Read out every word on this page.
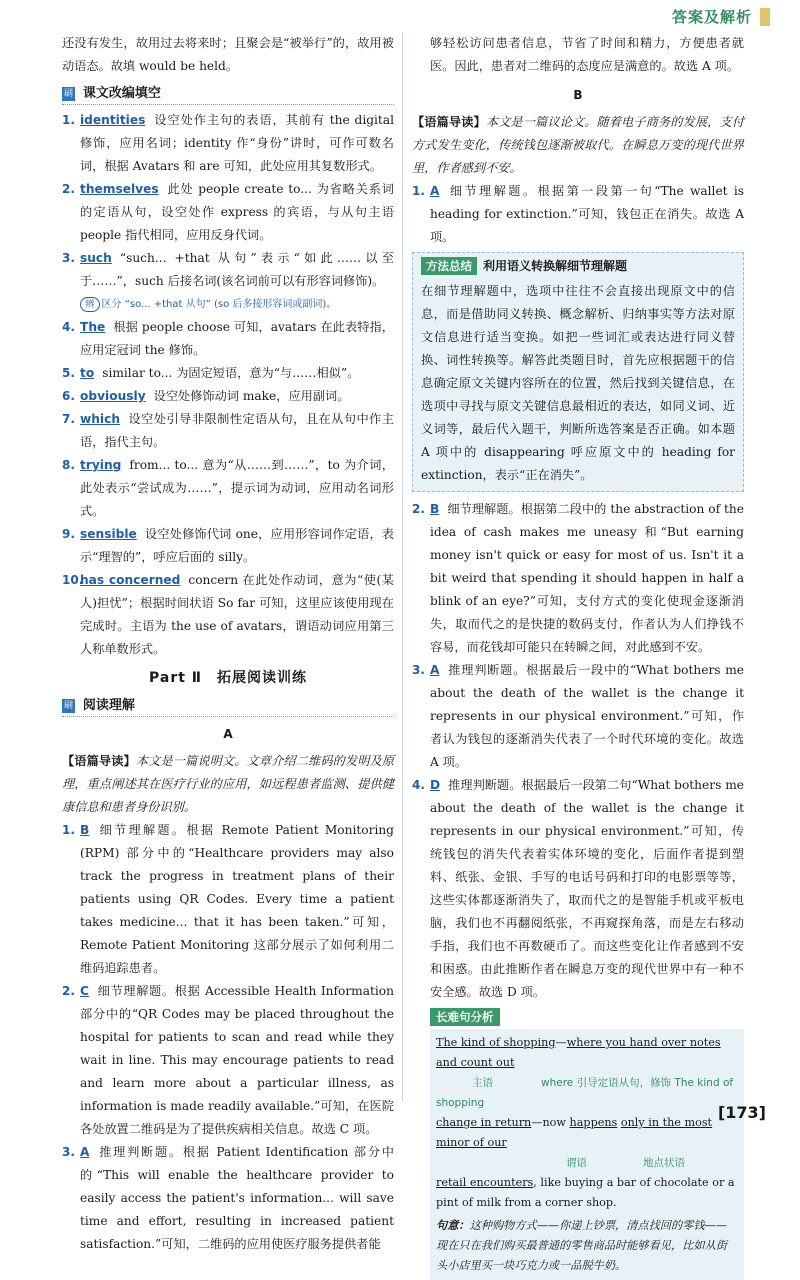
答案及解析

还没有发生，故用过去将来时；且聚会是“被举行”的，故用被动语态。故填 would be held。

刷 课文改编填空
1. identities 设空处作主句的表语，其前有 the digital 修饰，应用名词；identity 作“身份”讲时，可作可数名词，根据 Avatars 和 are 可知，此处应用其复数形式。
2. themselves 此处 people create to... 为省略关系词的定语从句，设空处作 express 的宾语，与从句主语 people 指代相同，应用反身代词。
3. such “such... +that 从句”表示“如此……以至于……”，such 后接名词(该名词前可以有形容词修饰)。
辨 区分 “so... +that 从句” (so 后多接形容词或副词)。
4. The 根据 people choose 可知，avatars 在此表特指，应用定冠词 the 修饰。
5. to similar to... 为固定短语，意为“与……相似”。
6. obviously 设空处修饰动词 make，应用副词。
7. which 设空处引导非限制性定语从句，且在从句中作主语，指代主句。
8. trying from... to... 意为“从……到……”，to 为介词，此处表示“尝试成为……”，提示词为动词，应用动名词形式。
9. sensible 设空处修饰代词 one，应用形容词作定语，表示“理智的”，呼应后面的 silly。
10.
has concerned concern 在此处作动词，意为“使(某人)担忧”；根据时间状语 So far 可知，这里应该使用现在完成时。主语为 the use of avatars，谓语动词应用第三人称单数形式。
Part Ⅱ　拓展阅读训练
刷 阅读理解
A

【语篇导读】本文是一篇说明文。文章介绍二维码的发明及原理，重点阐述其在医疗行业的应用，如远程患者监测、提供健康信息和患者身份识别。

1. B 细节理解题。根据 Remote Patient Monitoring (RPM) 部分中的“Healthcare providers may also track the progress in treatment plans of their patients using QR Codes. Every time a patient takes medicine... that it has been taken.”可知，Remote Patient Monitoring 这部分展示了如何利用二维码追踪患者。
2. C 细节理解题。根据 Accessible Health Information 部分中的“QR Codes may be placed throughout the hospital for patients to scan and read while they wait in line. This may encourage patients to read and learn more about a particular illness, as information is made readily available.”可知，在医院各处放置二维码是为了提供疾病相关信息。故选 C 项。
3. A 推理判断题。根据 Patient Identification 部分中的“This will enable the healthcare provider to easily access the patient's information... will save time and effort, resulting in increased patient satisfaction.”可知，二维码的应用使医疗服务提供者能

够轻松访问患者信息，节省了时间和精力，方便患者就医。因此，患者对二维码的态度应是满意的。故选 A 项。

B

【语篇导读】本文是一篇议论文。随着电子商务的发展，支付方式发生变化，传统钱包逐渐被取代。在瞬息万变的现代世界里，作者感到不安。

1. A 细节理解题。根据第一段第一句“The wallet is heading for extinction.”可知，钱包正在消失。故选 A 项。
方法总结 利用语义转换解细节理解题

在细节理解题中，选项中往往不会直接出现原文中的信息，而是借助同义转换、概念解析、归纳事实等方法对原文信息进行适当变换。如把一些词汇或表达进行同义替换、词性转换等。解答此类题目时，首先应根据题干的信息确定原文关键内容所在的位置，然后找到关键信息，在选项中寻找与原文关键信息最相近的表达，如同义词、近义词等，最后代入题干，判断所选答案是否正确。如本题 A 项中的 disappearing 呼应原文中的 heading for extinction，表示“正在消失”。

2. B 细节理解题。根据第二段中的 the abstraction of the idea of cash makes me uneasy 和“But earning money isn't quick or easy for most of us. Isn't it a bit weird that spending it should happen in half a blink of an eye?”可知，支付方式的变化使现金逐渐消失，取而代之的是快捷的数码支付，作者认为人们挣钱不容易，而花钱却可能只在转瞬之间，对此感到不安。
3. A 推理判断题。根据最后一段中的“What bothers me about the death of the wallet is the change it represents in our physical environment.”可知，作者认为钱包的逐渐消失代表了一个时代环境的变化。故选 A 项。
4. D 推理判断题。根据最后一段第二句“What bothers me about the death of the wallet is the change it represents in our physical environment.”可知，传统钱包的消失代表着实体环境的变化，后面作者提到塑料、纸张、金银、手写的电话号码和打印的电影票等等，这些实体都逐渐消失了，取而代之的是智能手机或平板电脑，我们也不再翻阅纸张，不再窥探角落，而是左右移动手指，我们也不再数硬币了。而这些变化让作者感到不安和困惑。由此推断作者在瞬息万变的现代世界中有一种不安全感。故选 D 项。
长难句分析
The kind of shopping—where you hand over notes and count out
主语	where 引导定语从句，修饰 The kind of shopping
change in return—now happens only in the most minor of our
谓语	地点状语
retail encounters, like buying a bar of chocolate or a pint of milk from a corner shop.
句意：这种购物方式——你递上钞票，清点找回的零钱——现在只在我们购买最普通的零售商品时能够看见，比如从街头小店里买一块巧克力或一品脱牛奶。
[173]
